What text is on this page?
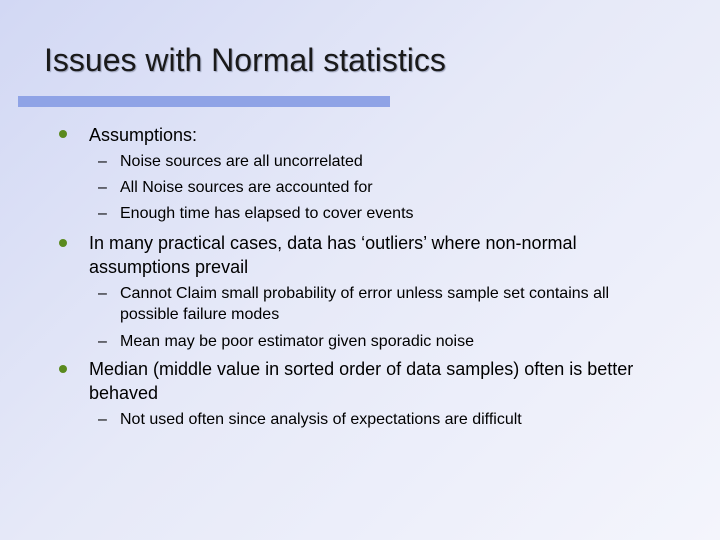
Issues with Normal statistics
Assumptions:
– Noise sources are all uncorrelated
– All Noise sources are accounted for
– Enough time has elapsed to cover events
In many practical cases, data has ‘outliers’ where non-normal assumptions prevail
– Cannot Claim small probability of error unless sample set contains all possible failure modes
– Mean may be poor estimator given sporadic noise
Median (middle value in sorted order of data samples) often is better behaved
– Not used often since analysis of expectations are difficult
